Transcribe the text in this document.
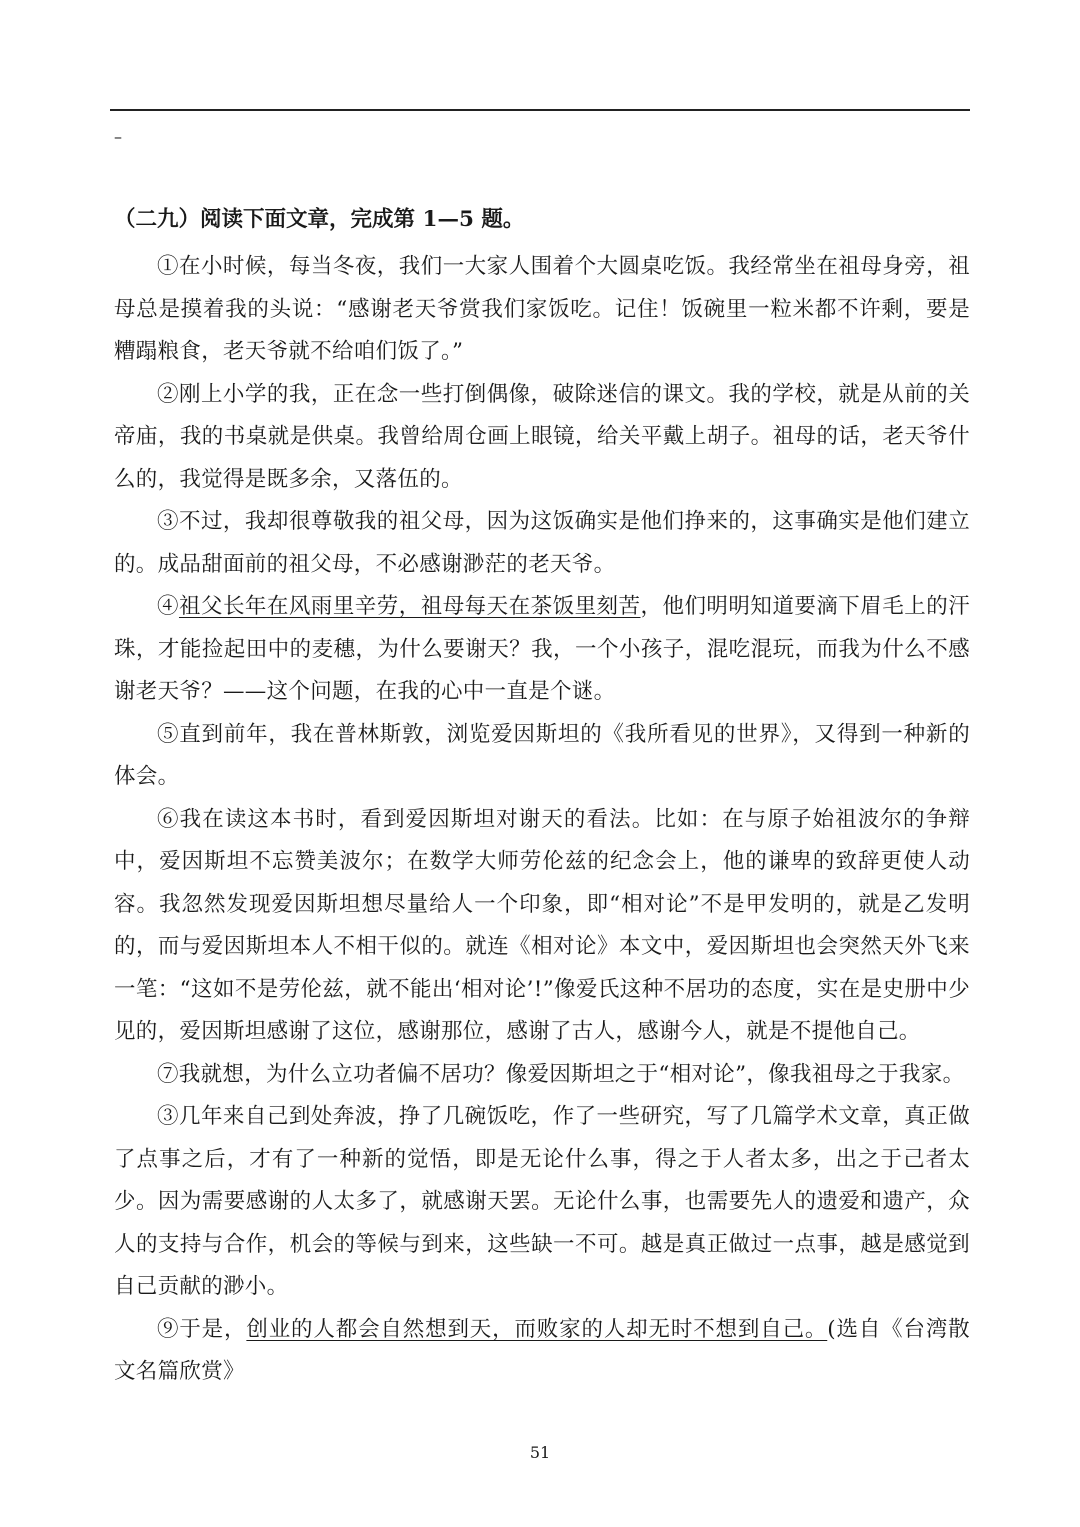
–
（二九）阅读下面文章，完成第 1—5 题。

①在小时候，每当冬夜，我们一大家人围着个大圆桌吃饭。我经常坐在祖母身旁，祖母总是摸着我的头说：“感谢老天爷赏我们家饭吃。记住！饭碗里一粒米都不许剩，要是糟蹋粮食，老天爷就不给咱们饭了。”

②刚上小学的我，正在念一些打倒偶像，破除迷信的课文。我的学校，就是从前的关帝庙，我的书桌就是供桌。我曾给周仓画上眼镜，给关平戴上胡子。祖母的话，老天爷什么的，我觉得是既多余，又落伍的。

③不过，我却很尊敬我的祖父母，因为这饭确实是他们挣来的，这事确实是他们建立的。成品甜面前的祖父母，不必感谢渺茫的老天爷。

④祖父长年在风雨里辛劳，祖母每天在茶饭里刻苦，他们明明知道要滴下眉毛上的汗珠，才能捡起田中的麦穗，为什么要谢天？我，一个小孩子，混吃混玩，而我为什么不感谢老天爷？——这个问题，在我的心中一直是个谜。

⑤直到前年，我在普林斯敦，浏览爱因斯坦的《我所看见的世界》，又得到一种新的体会。

⑥我在读这本书时，看到爱因斯坦对谢天的看法。比如：在与原子始祖波尔的争辩中，爱因斯坦不忘赞美波尔；在数学大师劳伦兹的纪念会上，他的谦卑的致辞更使人动容。我忽然发现爱因斯坦想尽量给人一个印象，即“相对论”不是甲发明的，就是乙发明的，而与爱因斯坦本人不相干似的。就连《相对论》本文中，爱因斯坦也会突然天外飞来一笔：“这如不是劳伦兹，就不能出‘相对论’!”像爱氏这种不居功的态度，实在是史册中少见的，爱因斯坦感谢了这位，感谢那位，感谢了古人，感谢今人，就是不提他自己。

⑦我就想，为什么立功者偏不居功？像爱因斯坦之于“相对论”，像我祖母之于我家。

③几年来自己到处奔波，挣了几碗饭吃，作了一些研究，写了几篇学术文章，真正做了点事之后，才有了一种新的觉悟，即是无论什么事，得之于人者太多，出之于己者太少。因为需要感谢的人太多了，就感谢天罢。无论什么事，也需要先人的遗爱和遗产，众人的支持与合作，机会的等候与到来，这些缺一不可。越是真正做过一点事，越是感觉到自己贡献的渺小。

⑨于是，创业的人都会自然想到天，而败家的人却无时不想到自己。(选自《台湾散文名篇欣赏》

51
